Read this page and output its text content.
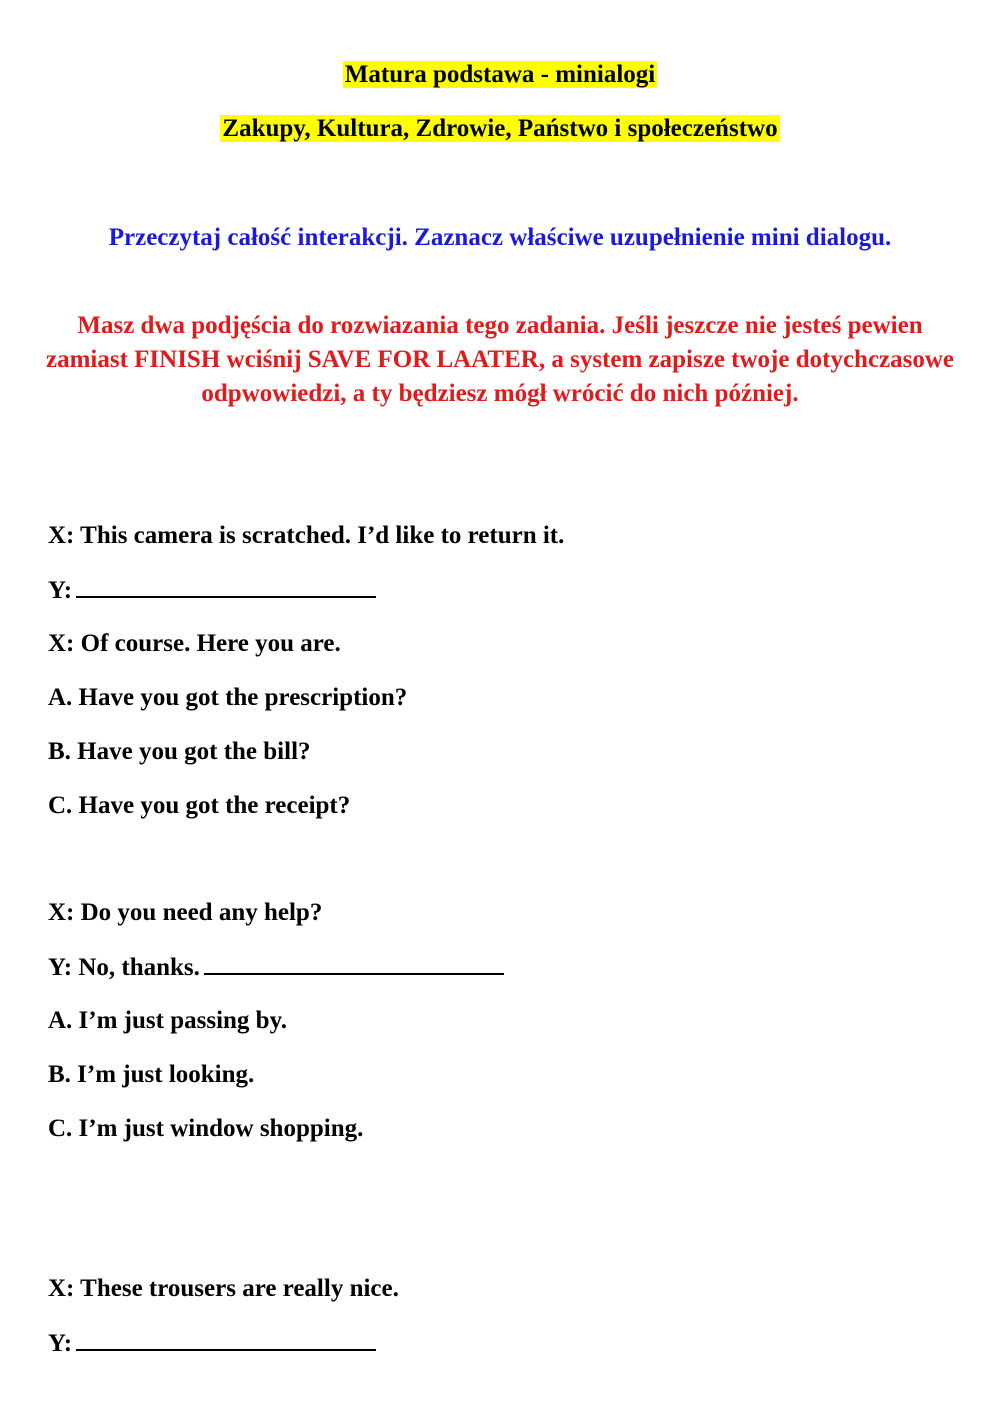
Matura podstawa - minialogi
Zakupy, Kultura, Zdrowie, Państwo i społeczeństwo
Przeczytaj całość interakcji. Zaznacz właściwe uzupełnienie mini dialogu.
Masz dwa podjęścia do rozwiazania tego zadania. Jeśli jeszcze nie jesteś pewien zamiast FINISH wciśnij SAVE FOR LAATER, a system zapisze twoje dotychczasowe odpwowiedzi, a ty będziesz mógł wrócić do nich później.
X: This camera is scratched. I’d like to return it.
Y:
X: Of course. Here you are.
A. Have you got the prescription?
B. Have you got the bill?
C. Have you got the receipt?
X: Do you need any help?
Y: No, thanks.
A. I’m just passing by.
B. I’m just looking.
C. I’m just window shopping.
X: These trousers are really nice.
Y:
